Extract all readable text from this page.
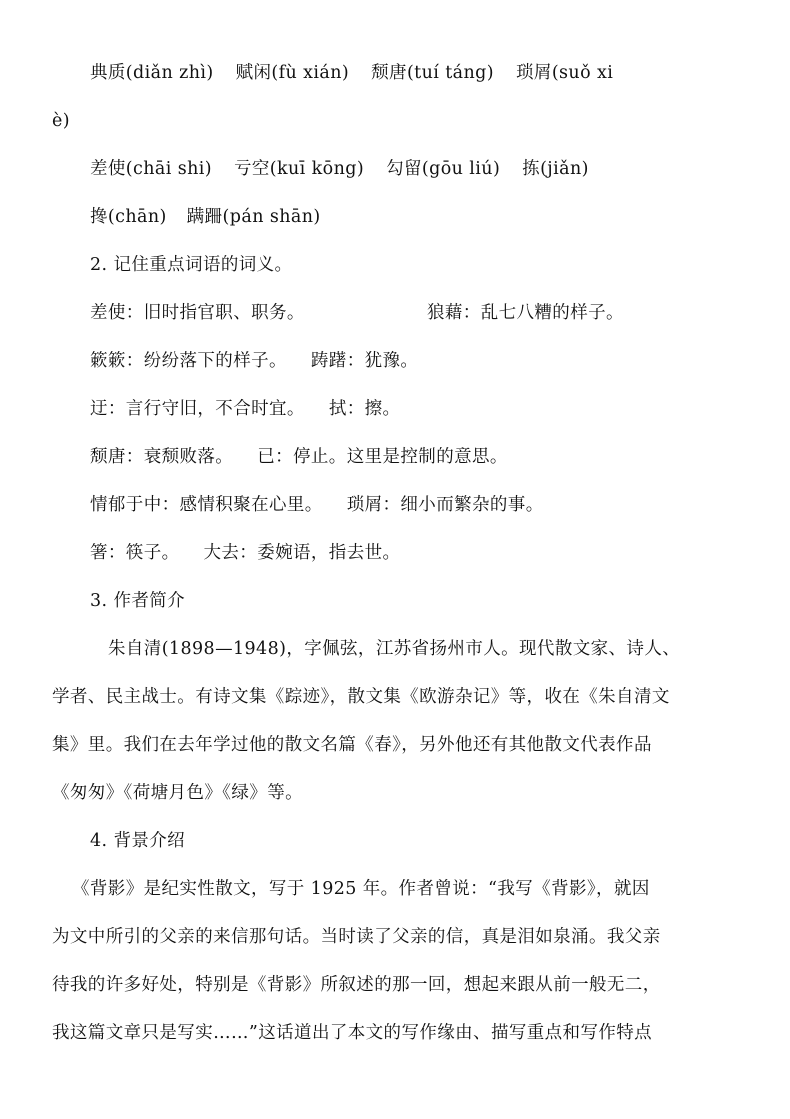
典质(diǎn zhì) 赋闲(fù xián) 颓唐(tuí táng) 琐屑(suǒ xi
è)
差使(chāi shi) 亏空(kuī kōng) 勾留(gōu liú) 拣(jiǎn)
搀(chān) 蹒跚(pán shān)
2. 记住重点词语的词义。
差使：旧时指官职、职务。	狼藉：乱七八糟的样子。
簌簌：纷纷落下的样子。 踌躇：犹豫。
迂：言行守旧，不合时宜。 拭：擦。
颓唐：衰颓败落。 已：停止。这里是控制的意思。
情郁于中：感情积聚在心里。 琐屑：细小而繁杂的事。
箸：筷子。 大去：委婉语，指去世。
3. 作者简介
朱自清(1898—1948)，字佩弦，江苏省扬州市人。现代散文家、诗人、
学者、民主战士。有诗文集《踪迹》，散文集《欧游杂记》等，收在《朱自清文
集》里。我们在去年学过他的散文名篇《春》，另外他还有其他散文代表作品
《匆匆》《荷塘月色》《绿》等。
4. 背景介绍
《背影》是纪实性散文，写于 1925 年。作者曾说：“我写《背影》，就因
为文中所引的父亲的来信那句话。当时读了父亲的信，真是泪如泉涌。我父亲
待我的许多好处，特别是《背影》所叙述的那一回，想起来跟从前一般无二，
我这篇文章只是写实……”这话道出了本文的写作缘由、描写重点和写作特点
